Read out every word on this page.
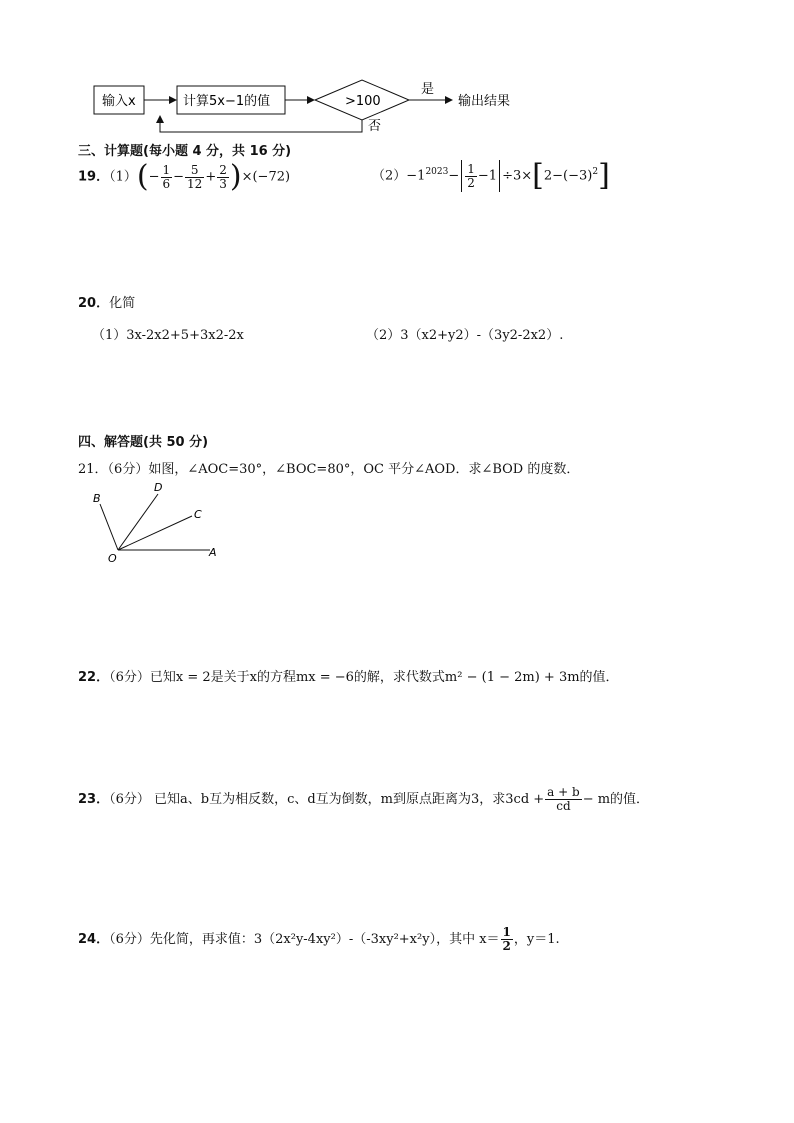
输入x	计算5x−1的值	>100
是
否
输出结果
三、计算题(每小题 4 分，共 16 分)
19．$(1)(- \frac{1}{6} - \frac{5}{12} + \frac{2}{3} )\times(-72)$	$(2)-1^{2023}- \frac{1}{2} -1 \div 3\times[2-(-3)^2]$
20．化简
（1）3x-2x2+5+3x2-2x	（2）3（x2+y2）-（3y2-2x2）.
四、解答题(共 50 分)
21．（6分）如图，∠AOC=30°，∠BOC=80°，OC 平分∠AOD．求∠BOD 的度数．
B
D
C
O	A
22．（6分）已知x = 2是关于x的方程mx = −6的解，求代数式m² − (1 − 2m) + 3m的值．
23．（6分） 已知a、b互为相反数，c、d互为倒数，m到原点距离为3，求$3cd + \frac{a + b}{cd} - m$的值．
24．（6分）先化简，再求值：3（2x²y-4xy²）-（-3xy²+x²y），其中 $x= \frac{1}{2}$ ，y＝1.
